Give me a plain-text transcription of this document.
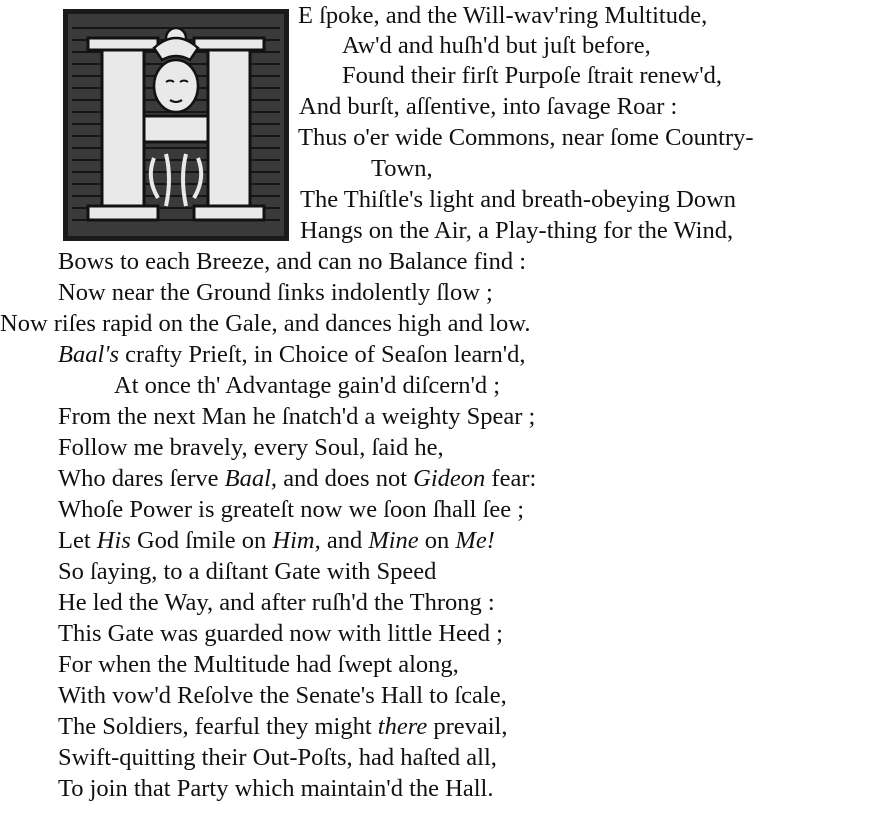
E ſpoke, and the Will-wav'ring Multitude,
Aw'd and huſh'd but juſt before,
Found their firſt Purpoſe ſtrait renew'd,
And burſt, aſſentive, into ſavage Roar :
Thus o'er wide Commons, near ſome Country-
Town,
The Thiſtle's light and breath-obeying Down
Hangs on the Air, a Play-thing for the Wind,
Bows to each Breeze, and can no Balance find :
Now near the Ground ſinks indolently ſlow ;
Now riſes rapid on the Gale, and dances high and low.
Baal's crafty Prieſt, in Choice of Seaſon learn'd,
At once th' Advantage gain'd diſcern'd ;
From the next Man he ſnatch'd a weighty Spear ;
Follow me bravely, every Soul, ſaid he,
Who dares ſerve Baal, and does not Gideon fear:
Whoſe Power is greateſt now we ſoon ſhall ſee ;
Let His God ſmile on Him, and Mine on Me!
So ſaying, to a diſtant Gate with Speed
He led the Way, and after ruſh'd the Throng :
This Gate was guarded now with little Heed ;
For when the Multitude had ſwept along,
With vow'd Reſolve the Senate's Hall to ſcale,
The Soldiers, fearful they might there prevail,
Swift-quitting their Out-Poſts, had haſted all,
To join that Party which maintain'd the Hall.
